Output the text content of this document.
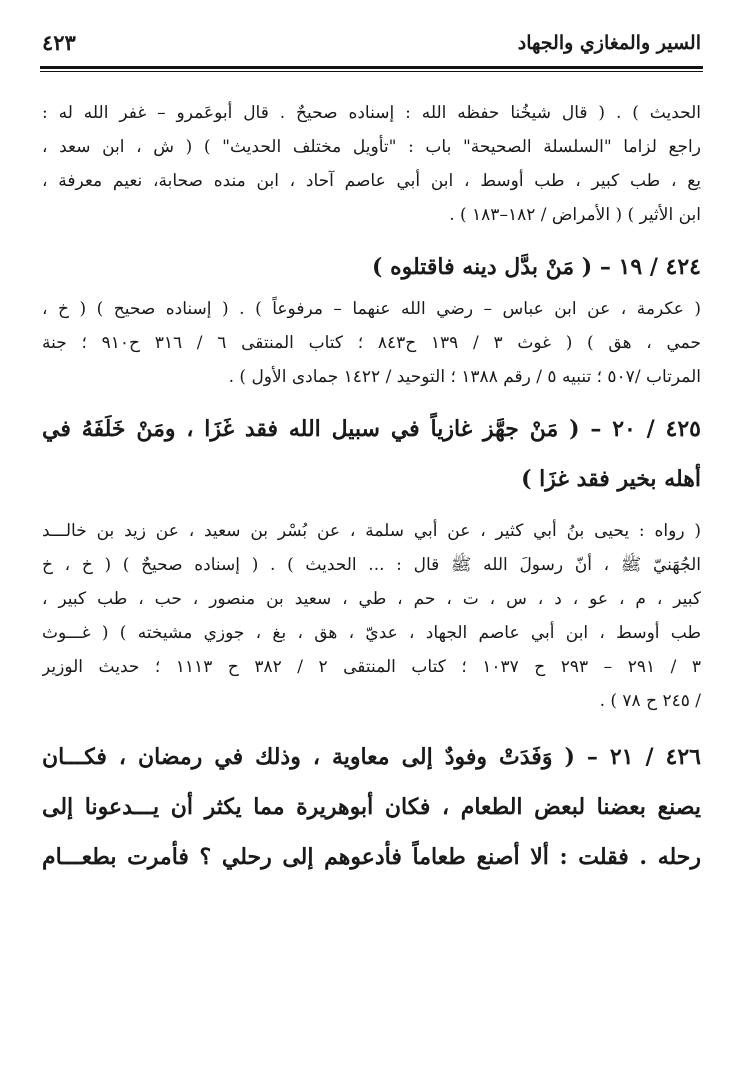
السير والمغازي والجهاد
٤٢٣
الحديث ) . ( قال شيخُنا حفظه الله : إسناده صحيحٌ . قال أبوعَمرو – غفر الله له :
راجع لزاما "السلسلة الصحيحة" باب : "تأويل مختلف الحديث" ) ( ش ، ابن سعد ،
يع ، طب كبير ، طب أوسط ، ابن أبي عاصم آحاد ، ابن منده صحابة، نعيم معرفة ،
ابن الأثير ) ( الأمراض / ١٨٢–١٨٣ ) .
٤٢٤ / ١٩ – ( مَنْ بدَّل دينه فاقتلوه )
( عكرمة ، عن ابن عباس – رضي الله عنهما – مرفوعاً ) . ( إسناده صحيح ) ( خ ،
حمي ، هق ) ( غوث ٣ / ١٣٩ ح٨٤٣ ؛ كتاب المنتقى ٦ / ٣١٦ ح٩١٠ ؛ جنة
المرتاب /٥٠٧ ؛ تنبيه ٥ / رقم ١٣٨٨ ؛ التوحيد / ١٤٢٢ جمادى الأول ) .
٤٢٥ / ٢٠ – ( مَنْ جهَّز غازياً في سبيل الله فقد غَزَا ، ومَنْ خَلَفَهُ في
أهله بخير فقد غزَا )
( رواه : يحيى بنُ أبي كثير ، عن أبي سلمة ، عن بُسْر بن سعيد ، عن زيد بن خالـــد
الجُهَنيّ ﷺ ، أنّ رسولَ الله ﷺ قال : ... الحديث ) . ( إسناده صحيحٌ ) ( خ ، خ
كبير ، م ، عو ، د ، س ، ت ، حم ، طي ، سعيد بن منصور ، حب ، طب كبير ،
طب أوسط ، ابن أبي عاصم الجهاد ، عديّ ، هق ، بغ ، جوزي مشيخته ) ( غـــوث
٣ / ٢٩١ – ٢٩٣ ح ١٠٣٧ ؛ كتاب المنتقى ٢ / ٣٨٢ ح ١١١٣ ؛ حديث الوزير
/ ٢٤٥ ح ٧٨ ) .
٤٢٦ / ٢١ – ( وَفَدَتْ وفودٌ إلى معاوية ، وذلك في رمضان ، فكـــان
يصنع بعضنا لبعض الطعام ، فكان أبوهريرة مما يكثر أن يـــدعونا إلى
رحله . فقلت : ألا أصنع طعاماً فأدعوهم إلى رحلي ؟ فأمرت بطعـــام
